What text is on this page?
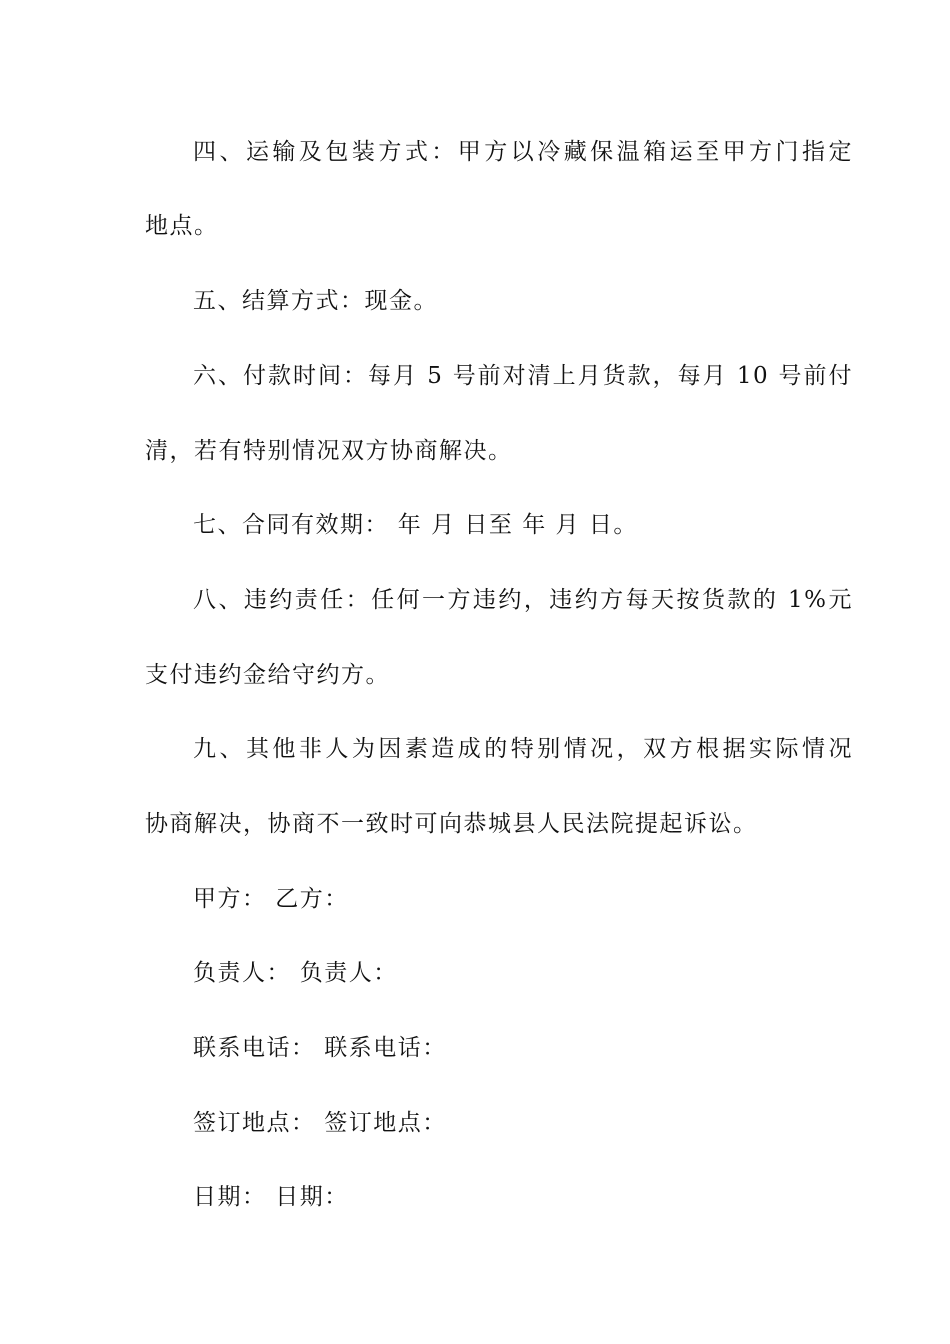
四、运输及包装方式：甲方以冷藏保温箱运至甲方门指定
地点。
五、结算方式：现金。
六、付款时间：每月 5 号前对清上月货款，每月 10 号前付
清，若有特别情况双方协商解决。
七、合同有效期： 年 月 日至 年 月 日。
八、违约责任：任何一方违约，违约方每天按货款的 1%元
支付违约金给守约方。
九、其他非人为因素造成的特别情况，双方根据实际情况
协商解决，协商不一致时可向恭城县人民法院提起诉讼。
甲方： 乙方：
负责人： 负责人：
联系电话： 联系电话：
签订地点： 签订地点：
日期： 日期：
